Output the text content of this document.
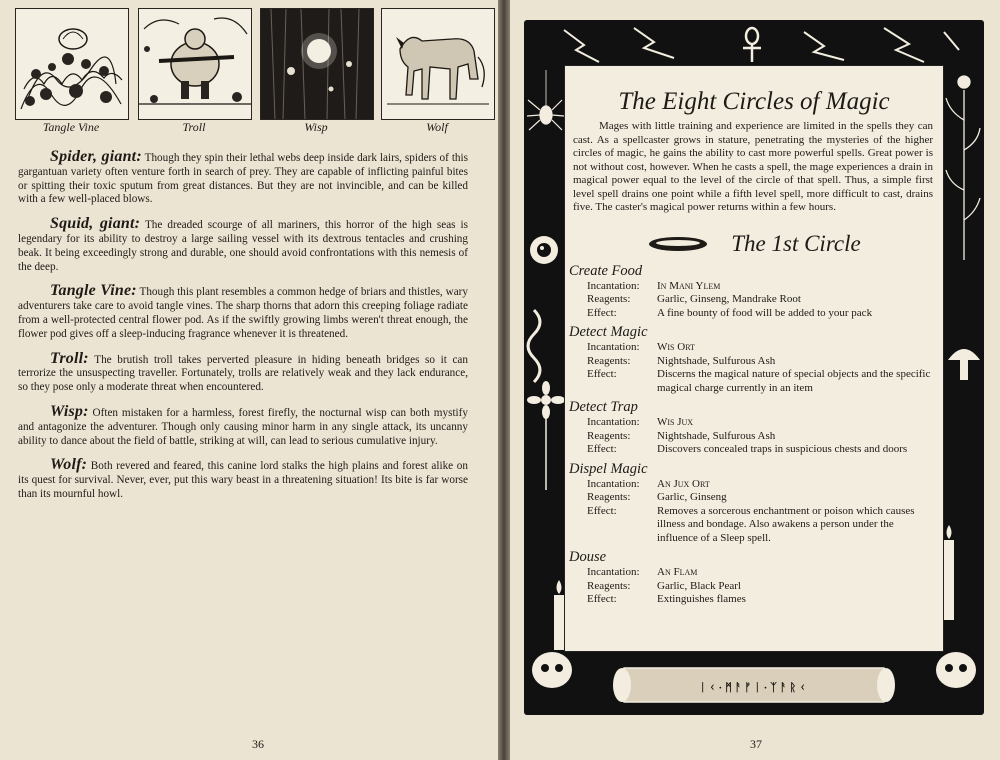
Tangle Vine	Troll	Wisp	Wolf

Spider, giant: Though they spin their lethal webs deep inside dark lairs, spiders of this gargantuan variety often venture forth in search of prey. They are capable of inflicting painful bites or spitting their toxic sputum from great distances. But they are not invincible, and can be killed with a few well-placed blows.

Squid, giant: The dreaded scourge of all mariners, this horror of the high seas is legendary for its ability to destroy a large sailing vessel with its dextrous tentacles and crushing beak. It being exceedingly strong and durable, one should avoid confrontations with this nemesis of the deep.

Tangle Vine: Though this plant resembles a common hedge of briars and thistles, wary adventurers take care to avoid tangle vines. The sharp thorns that adorn this creeping foliage radiate from a well-protected central flower pod. As if the swiftly growing limbs weren't threat enough, the flower pod gives off a sleep-inducing fragrance whenever it is threatened.

Troll: The brutish troll takes perverted pleasure in hiding beneath bridges so it can terrorize the unsuspecting traveller. Fortunately, trolls are relatively weak and they lack endurance, so they pose only a moderate threat when encountered.

Wisp: Often mistaken for a harmless, forest firefly, the nocturnal wisp can both mystify and antagonize the adventurer. Though only causing minor harm in any single attack, its uncanny ability to dance about the field of battle, striking at will, can lead to serious cumulative injury.

Wolf: Both revered and feared, this canine lord stalks the high plains and forest alike on its quest for survival. Never, ever, put this wary beast in a threatening situation! Its bite is far worse than its mournful howl.

36
The Eight Circles of Magic

Mages with little training and experience are limited in the spells they can cast. As a spellcaster grows in stature, penetrating the mysteries of the higher circles of magic, he gains the ability to cast more powerful spells. Great power is not without cost, however. When he casts a spell, the mage experiences a drain in magical power equal to the level of the circle of that spell. Thus, a simple first level spell drains one point while a fifth level spell, more difficult to cast, drains five. The caster's magical power returns within a few hours.

The 1st Circle
Create Food
Incantation:	In Mani Ylem
Reagents:	Garlic, Ginseng, Mandrake Root
Effect:	A fine bounty of food will be added to your pack
Detect Magic
Incantation:	Wis Ort
Reagents:	Nightshade, Sulfurous Ash
Effect:	Discerns the magical nature of special objects and the specific magical charge currently in an item
Detect Trap
Incantation:	Wis Jux
Reagents:	Nightshade, Sulfurous Ash
Effect:	Discovers concealed traps in suspicious chests and doors
Dispel Magic
Incantation:	An Jux Ort
Reagents:	Garlic, Ginseng
Effect:	Removes a sorcerous enchantment or poison which causes illness and bondage. Also awakens a person under the influence of a Sleep spell.
Douse
Incantation:	An Flam
Reagents:	Garlic, Black Pearl
Effect:	Extinguishes flames
ᛁᚲ·ᛗᚨᚠᛁ·ᛉᚨᚱᚲ
37
